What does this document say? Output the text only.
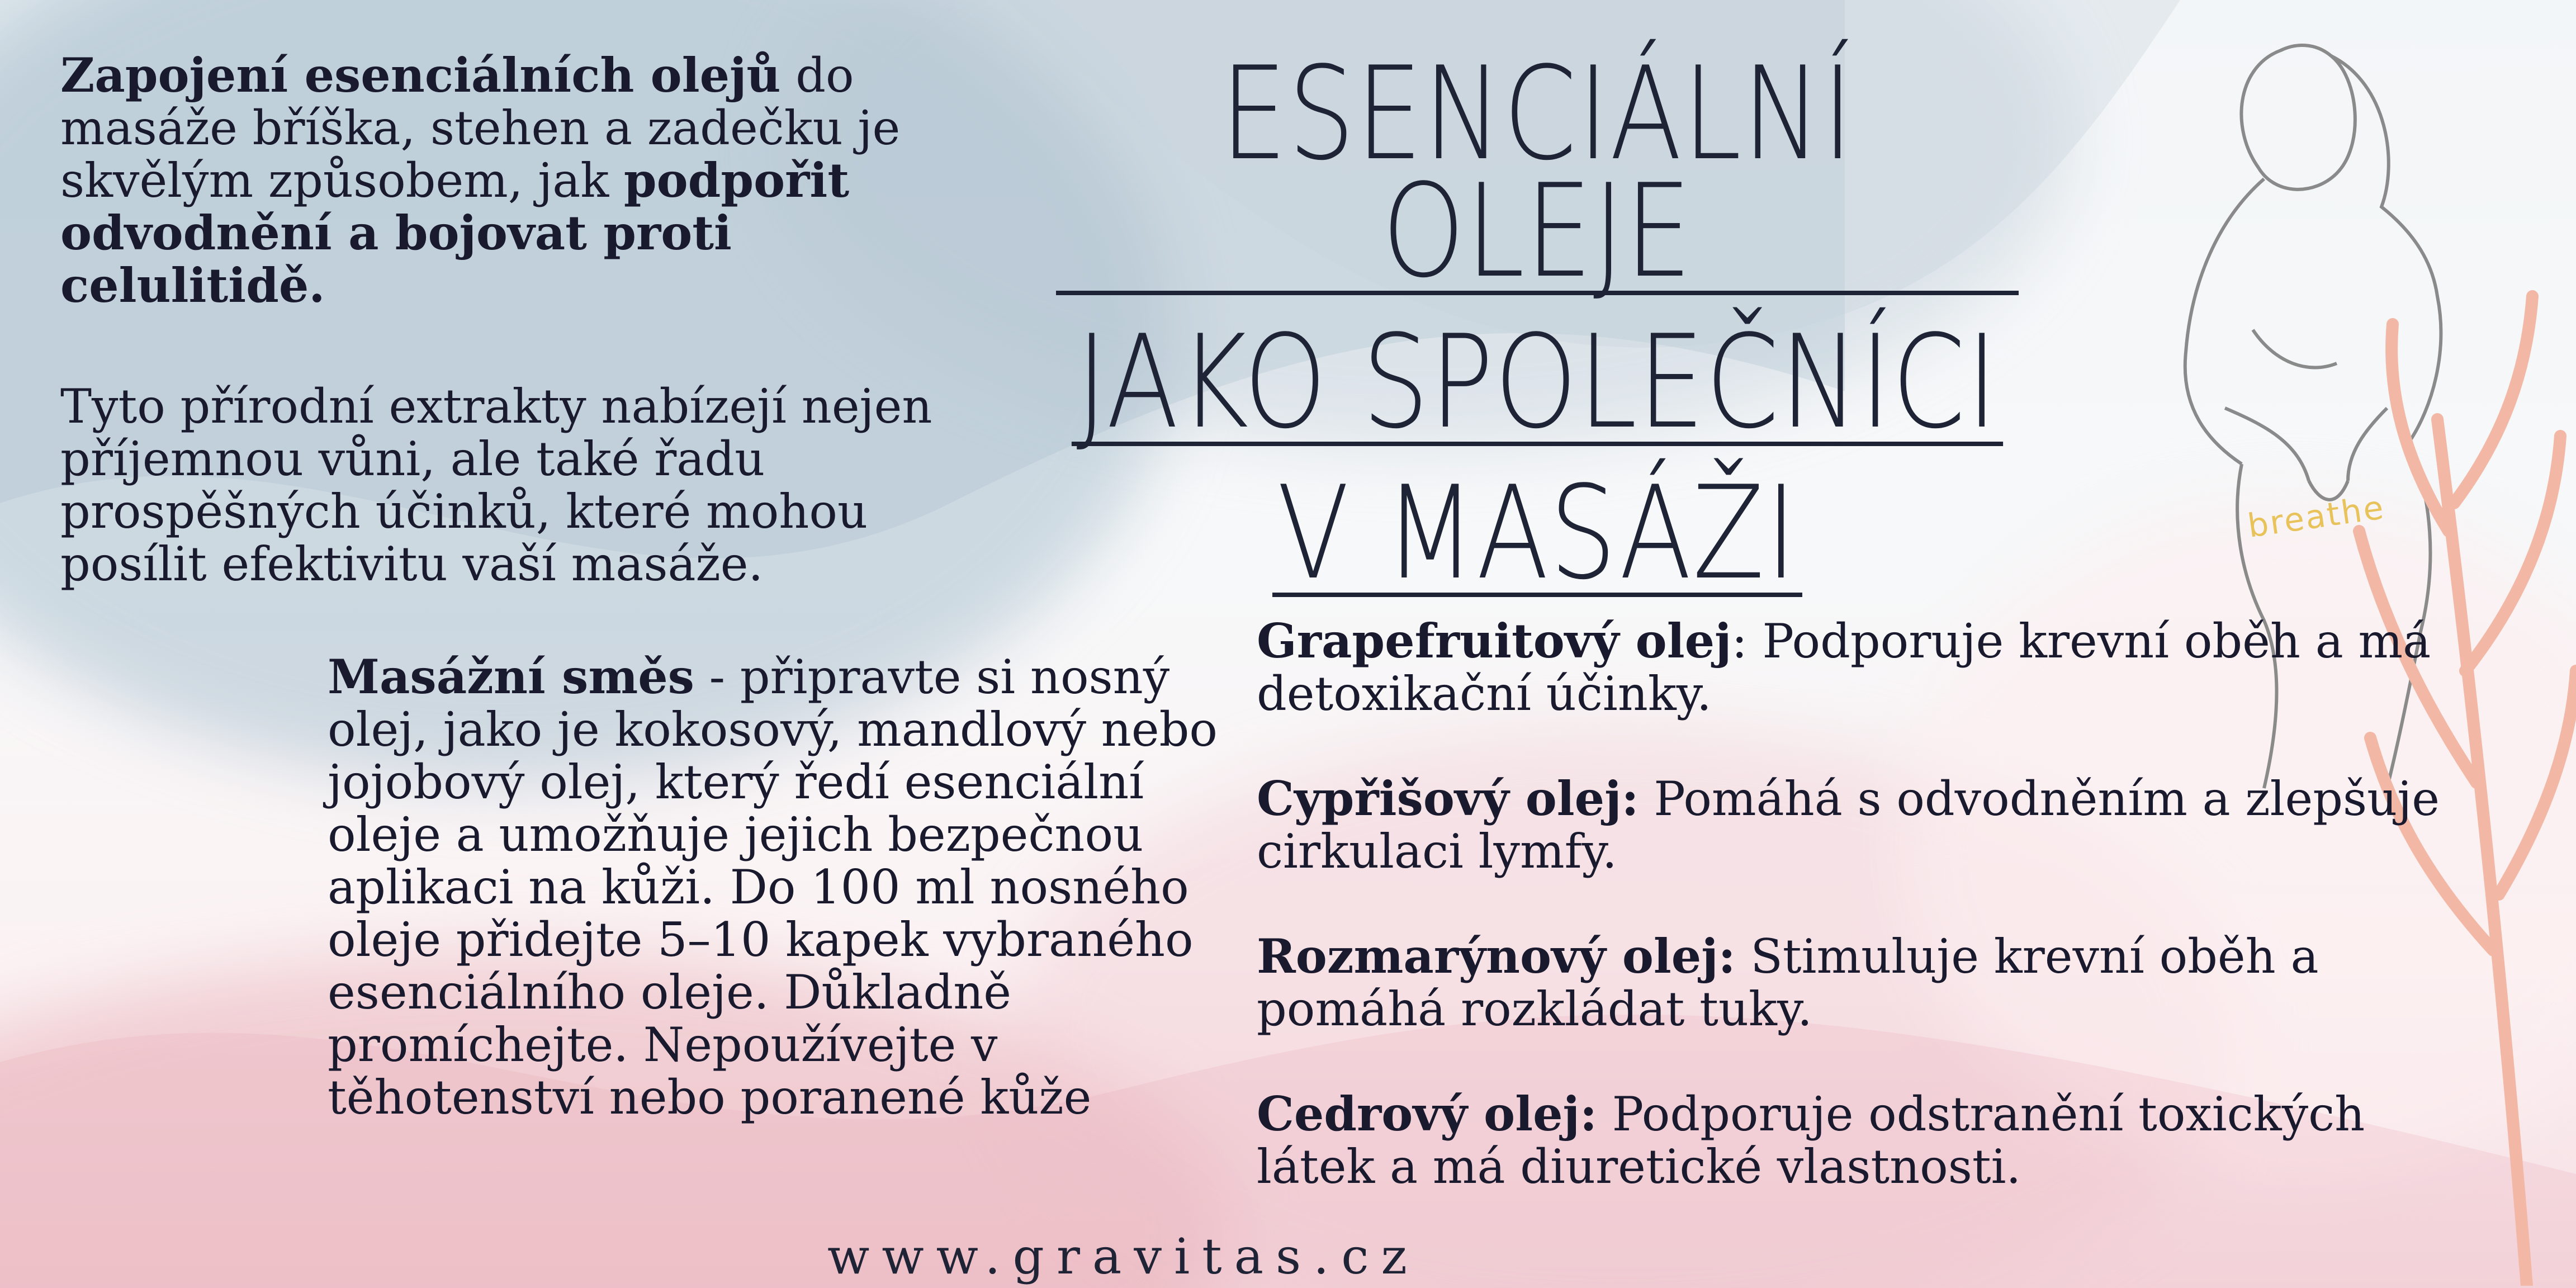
breathe

Zapojení esenciálních olejů do masáže bříška, stehen a zadečku je skvělým způsobem, jak podpořit odvodnění a bojovat proti celulitidě.

Tyto přírodní extrakty nabízejí nejen příjemnou vůni, ale také řadu prospěšných účinků, které mohou posílit efektivitu vaší masáže.

Masážní směs - připravte si nosný olej, jako je kokosový, mandlový nebo jojobový olej, který ředí esenciální oleje a umožňuje jejich bezpečnou aplikaci na kůži. Do 100 ml nosného oleje přidejte 5–10 kapek vybraného esenciálního oleje. Důkladně promíchejte. Nepoužívejte v těhotenství nebo poranené kůže

ESENCIÁLNÍ OLEJE
JAKO SPOLEČNÍCI
V MASÁŽI

Grapefruitový olej: Podporuje krevní oběh a má detoxikační účinky.

Cypřišový olej: Pomáhá s odvodněním a zlepšuje cirkulaci lymfy.

Rozmarýnový olej: Stimuluje krevní oběh a pomáhá rozkládat tuky.

Cedrový olej: Podporuje odstranění toxických látek a má diuretické vlastnosti.

www.gravitas.cz
